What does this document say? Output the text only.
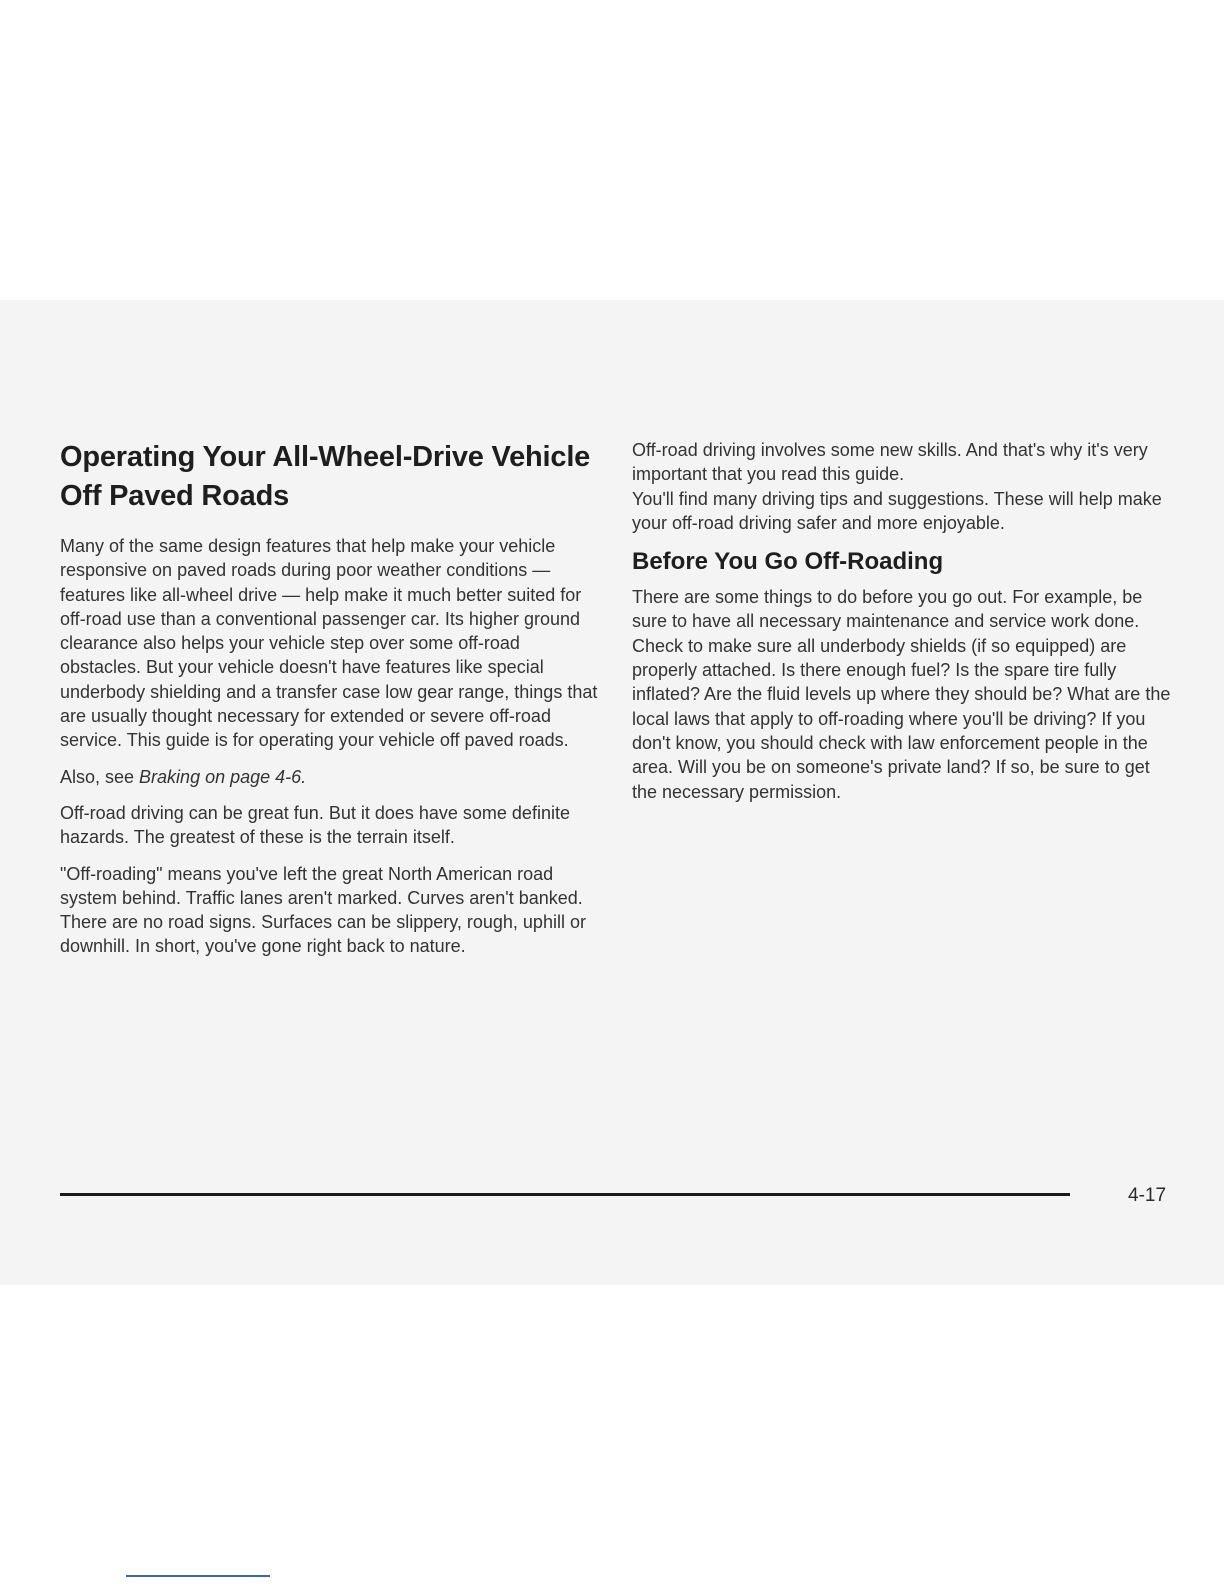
Operating Your All-Wheel-Drive Vehicle Off Paved Roads

Many of the same design features that help make your vehicle responsive on paved roads during poor weather conditions — features like all-wheel drive — help make it much better suited for off-road use than a conventional passenger car. Its higher ground clearance also helps your vehicle step over some off-road obstacles. But your vehicle doesn't have features like special underbody shielding and a transfer case low gear range, things that are usually thought necessary for extended or severe off-road service. This guide is for operating your vehicle off paved roads.

Also, see Braking on page 4-6.

Off-road driving can be great fun. But it does have some definite hazards. The greatest of these is the terrain itself.

"Off-roading" means you've left the great North American road system behind. Traffic lanes aren't marked. Curves aren't banked. There are no road signs. Surfaces can be slippery, rough, uphill or downhill. In short, you've gone right back to nature.

Off-road driving involves some new skills. And that's why it's very important that you read this guide.

You'll find many driving tips and suggestions. These will help make your off-road driving safer and more enjoyable.

Before You Go Off-Roading

There are some things to do before you go out. For example, be sure to have all necessary maintenance and service work done. Check to make sure all underbody shields (if so equipped) are properly attached. Is there enough fuel? Is the spare tire fully inflated? Are the fluid levels up where they should be? What are the local laws that apply to off-roading where you'll be driving? If you don't know, you should check with law enforcement people in the area. Will you be on someone's private land? If so, be sure to get the necessary permission.

4-17
